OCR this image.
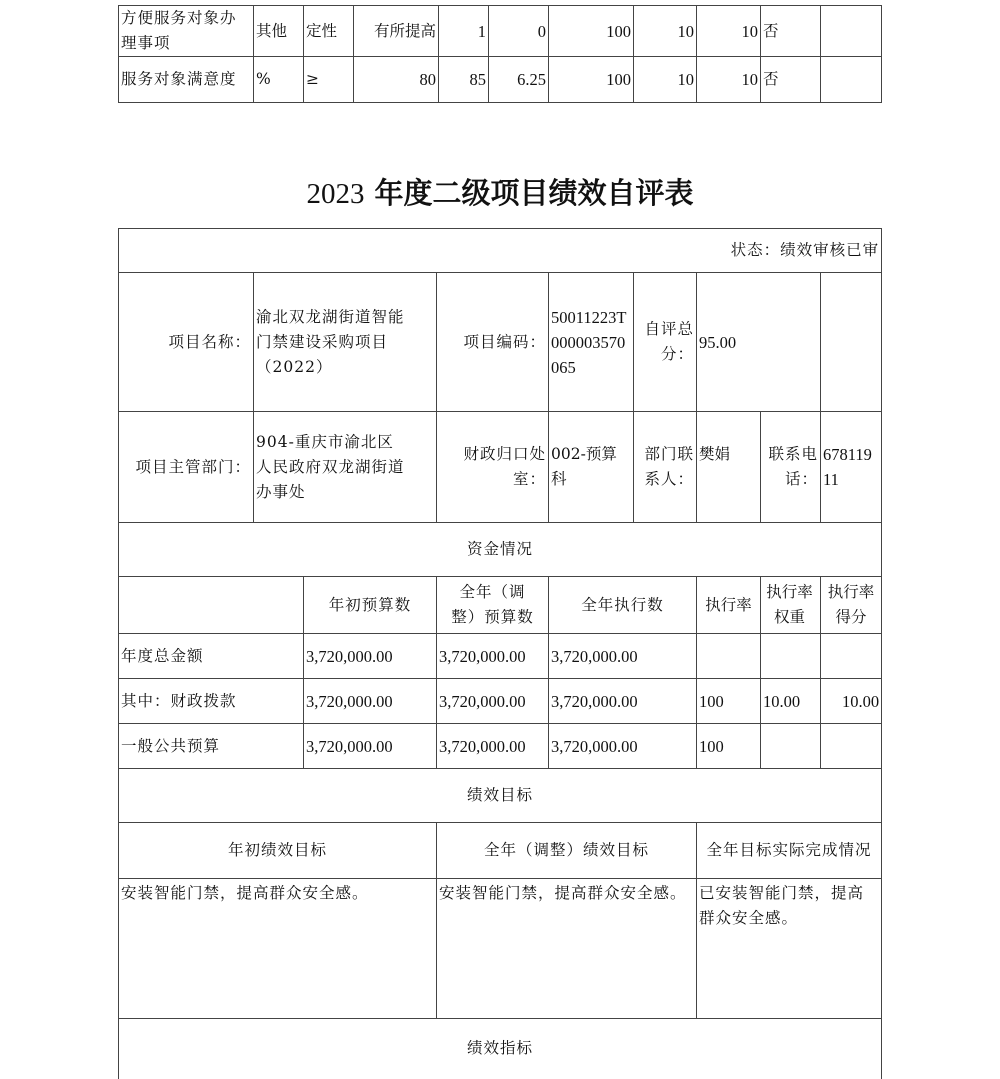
方便服务对象办理事项	其他	定性	有所提高	1	0	100	10	10	否	
服务对象满意度	%	≥	80	85	6.25	100	10	10	否	
2023 年度二级项目绩效自评表
状态：绩效审核已审								
项目名称：	渝北双龙湖街道智能门禁建设采购项目（2022）		项目编码：	50011223T000003570065	自评总分：	95.00		
项目主管部门：	904-重庆市渝北区人民政府双龙湖街道办事处		财政归口处室：	002-预算科	部门联系人：	樊娟	联系电话：	67811911
资金情况								
		年初预算数	全年（调整）预算数	全年执行数		执行率	执行率权重	执行率得分
年度总金额		3,720,000.00	3,720,000.00	3,720,000.00				
其中：财政拨款		3,720,000.00	3,720,000.00	3,720,000.00		100	10.00	10.00
一般公共预算		3,720,000.00	3,720,000.00	3,720,000.00		100		
绩效目标								
年初绩效目标			全年（调整）绩效目标			全年目标实际完成情况		
安装智能门禁，提高群众安全感。			安装智能门禁，提高群众安全感。			已安装智能门禁，提高群众安全感。		
绩效指标								
